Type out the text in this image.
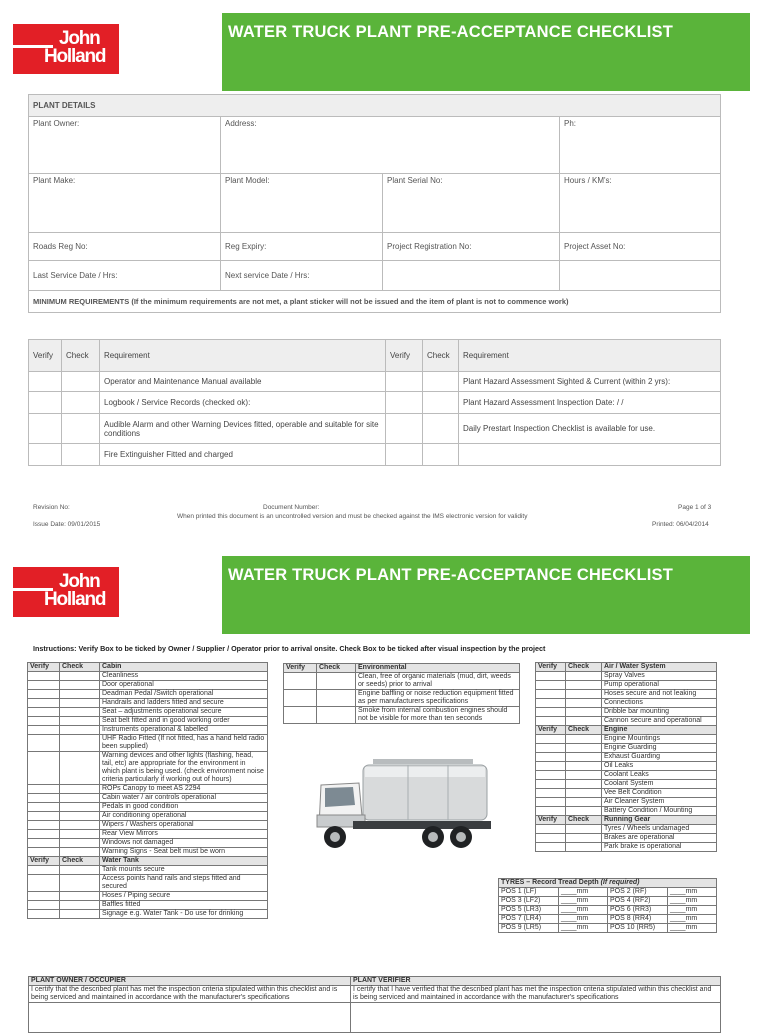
John
Holland
WATER TRUCK PLANT PRE-ACCEPTANCE CHECKLIST
PLANT DETAILS			
Plant Owner:	Address:		Ph:
Plant Make:	Plant Model:	Plant Serial No:	Hours / KM's:
Roads Reg No:	Reg Expiry:	Project Registration No:	Project Asset No:
Last Service Date / Hrs:	Next service Date / Hrs:		
MINIMUM REQUIREMENTS (If the minimum requirements are not met, a plant sticker will not be issued and the item of plant is not to commence work)			
Verify	Check	Requirement	Verify	Check	Requirement
		Operator and Maintenance Manual available			Plant Hazard Assessment Sighted & Current (within 2 yrs):
		Logbook / Service Records (checked ok):			Plant Hazard Assessment Inspection Date: / /
		Audible Alarm and other Warning Devices fitted, operable and suitable for site conditions			Daily Prestart Inspection Checklist is available for use.
		Fire Extinguisher Fitted and charged			
Revision No:	Document Number:
When printed this document is an uncontrolled version and must be checked against the IMS electronic version for validity
Page 1 of 3
Issue Date: 09/01/2015	Printed: 06/04/2014
John
Holland
WATER TRUCK PLANT PRE-ACCEPTANCE CHECKLIST
Instructions: Verify Box to be ticked by Owner / Supplier / Operator prior to arrival onsite. Check Box to be ticked after visual inspection by the project
Verify	Check	Cabin
		Cleanliness
		Door operational
		Deadman Pedal /Switch operational
		Handrails and ladders fitted and secure
		Seat – adjustments operational secure
		Seat belt fitted and in good working order
		Instruments operational & labelled
		UHF Radio Fitted (If not fitted, has a hand held radio been supplied)
		Warning devices and other lights (flashing, head, tail, etc) are appropriate for the environment in which plant is being used. (check environment noise criteria particularly if working out of hours)
		ROPs Canopy to meet AS 2294
		Cabin water / air controls operational
		Pedals in good condition
		Air conditioning operational
		Wipers / Washers operational
		Rear View Mirrors
		Windows not damaged
		Warning Signs - Seat belt must be worn
Verify	Check	Water Tank
		Tank mounts secure
		Access points hand rails and steps fitted and secured
		Hoses / Piping secure
		Baffles fitted
		Signage e.g. Water Tank - Do use for drinking
Verify	Check	Environmental
		Clean, free of organic materials (mud, dirt, weeds or seeds) prior to arrival
		Engine baffling or noise reduction equipment fitted as per manufacturers specifications
		Smoke from internal combustion engines should not be visible for more than ten seconds
Verify	Check	Air / Water System
		Spray Valves
		Pump operational
		Hoses secure and not leaking
		Connections
		Dribble bar mounting
		Cannon secure and operational
Verify	Check	Engine
		Engine Mountings
		Engine Guarding
		Exhaust Guarding
		Oil Leaks
		Coolant Leaks
		Coolant System
		Vee Belt Condition
		Air Cleaner System
		Battery Condition / Mounting
Verify	Check	Running Gear
		Tyres / Wheels undamaged
		Brakes are operational
		Park brake is operational
TYRES – Record Tread Depth (If required)			
POS 1 (LF)	____mm	POS 2 (RF)	____mm
POS 3 (LF2)	____mm	POS 4 (RF2)	____mm
POS 5 (LR3)	____mm	POS 6 (RR3)	____mm
POS 7 (LR4)	____mm	POS 8 (RR4)	____mm
POS 9 (LR5)	____mm	POS 10 (RR5)	____mm
PLANT OWNER / OCCUPIER	PLANT VERIFIER
I certify that the described plant has met the inspection criteria stipulated within this checklist and is being serviced and maintained in accordance with the manufacturer's specifications	I certify that I have verified that the described plant has met the inspection criteria stipulated within this checklist and is being serviced and maintained in accordance with the manufacturer's specifications
